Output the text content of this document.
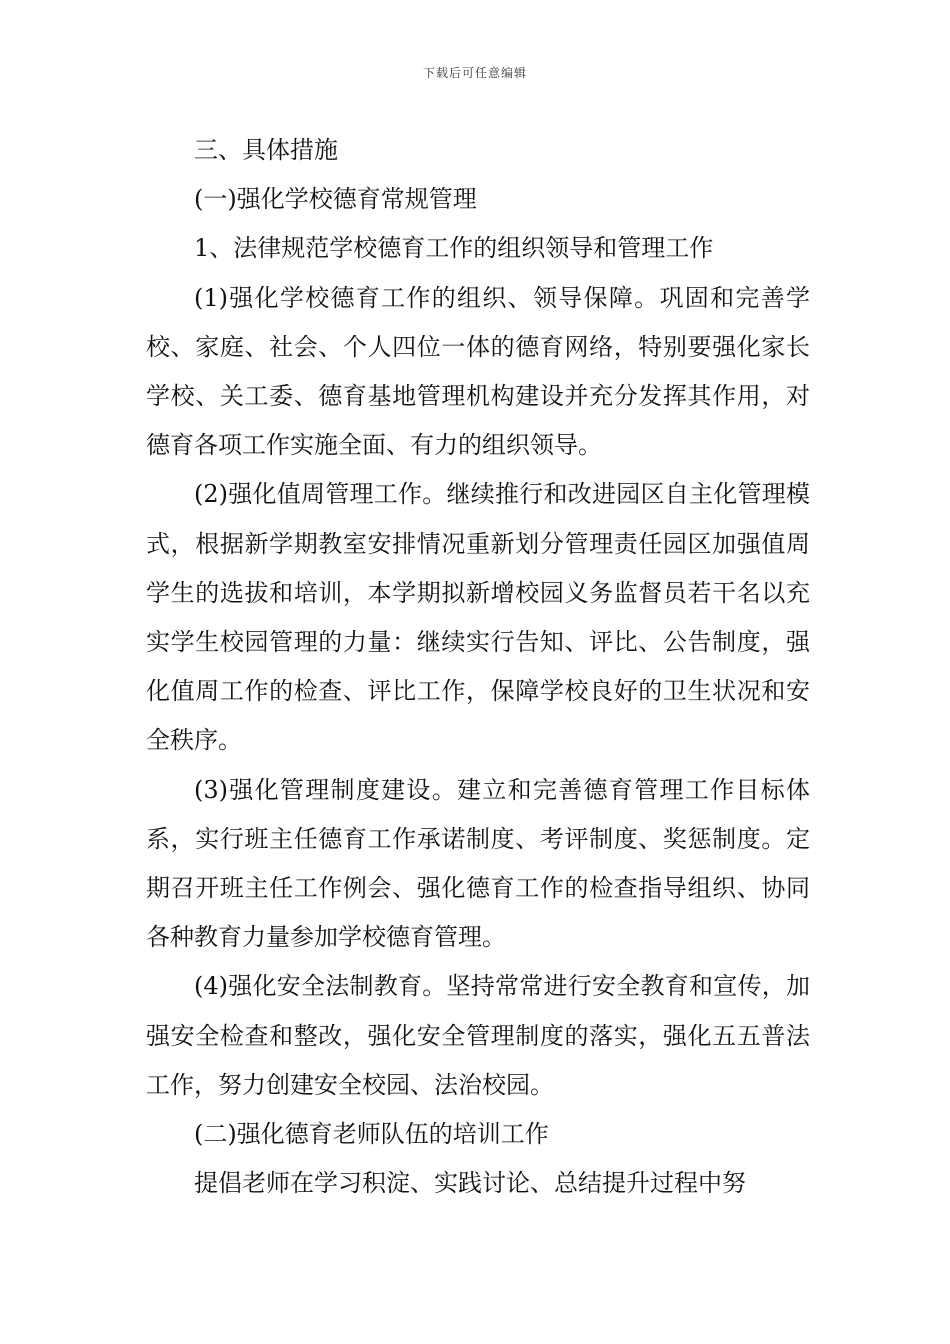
下载后可任意编辑

三、具体措施

(一)强化学校德育常规管理

1、法律规范学校德育工作的组织领导和管理工作

(1)强化学校德育工作的组织、领导保障。巩固和完善学校、家庭、社会、个人四位一体的德育网络，特别要强化家长学校、关工委、德育基地管理机构建设并充分发挥其作用，对德育各项工作实施全面、有力的组织领导。

(2)强化值周管理工作。继续推行和改进园区自主化管理模式，根据新学期教室安排情况重新划分管理责任园区加强值周学生的选拔和培训，本学期拟新增校园义务监督员若干名以充实学生校园管理的力量：继续实行告知、评比、公告制度，强化值周工作的检查、评比工作，保障学校良好的卫生状况和安全秩序。

(3)强化管理制度建设。建立和完善德育管理工作目标体系，实行班主任德育工作承诺制度、考评制度、奖惩制度。定期召开班主任工作例会、强化德育工作的检查指导组织、协同各种教育力量参加学校德育管理。

(4)强化安全法制教育。坚持常常进行安全教育和宣传，加强安全检查和整改，强化安全管理制度的落实，强化五五普法工作，努力创建安全校园、法治校园。

(二)强化德育老师队伍的培训工作

提倡老师在学习积淀、实践讨论、总结提升过程中努
